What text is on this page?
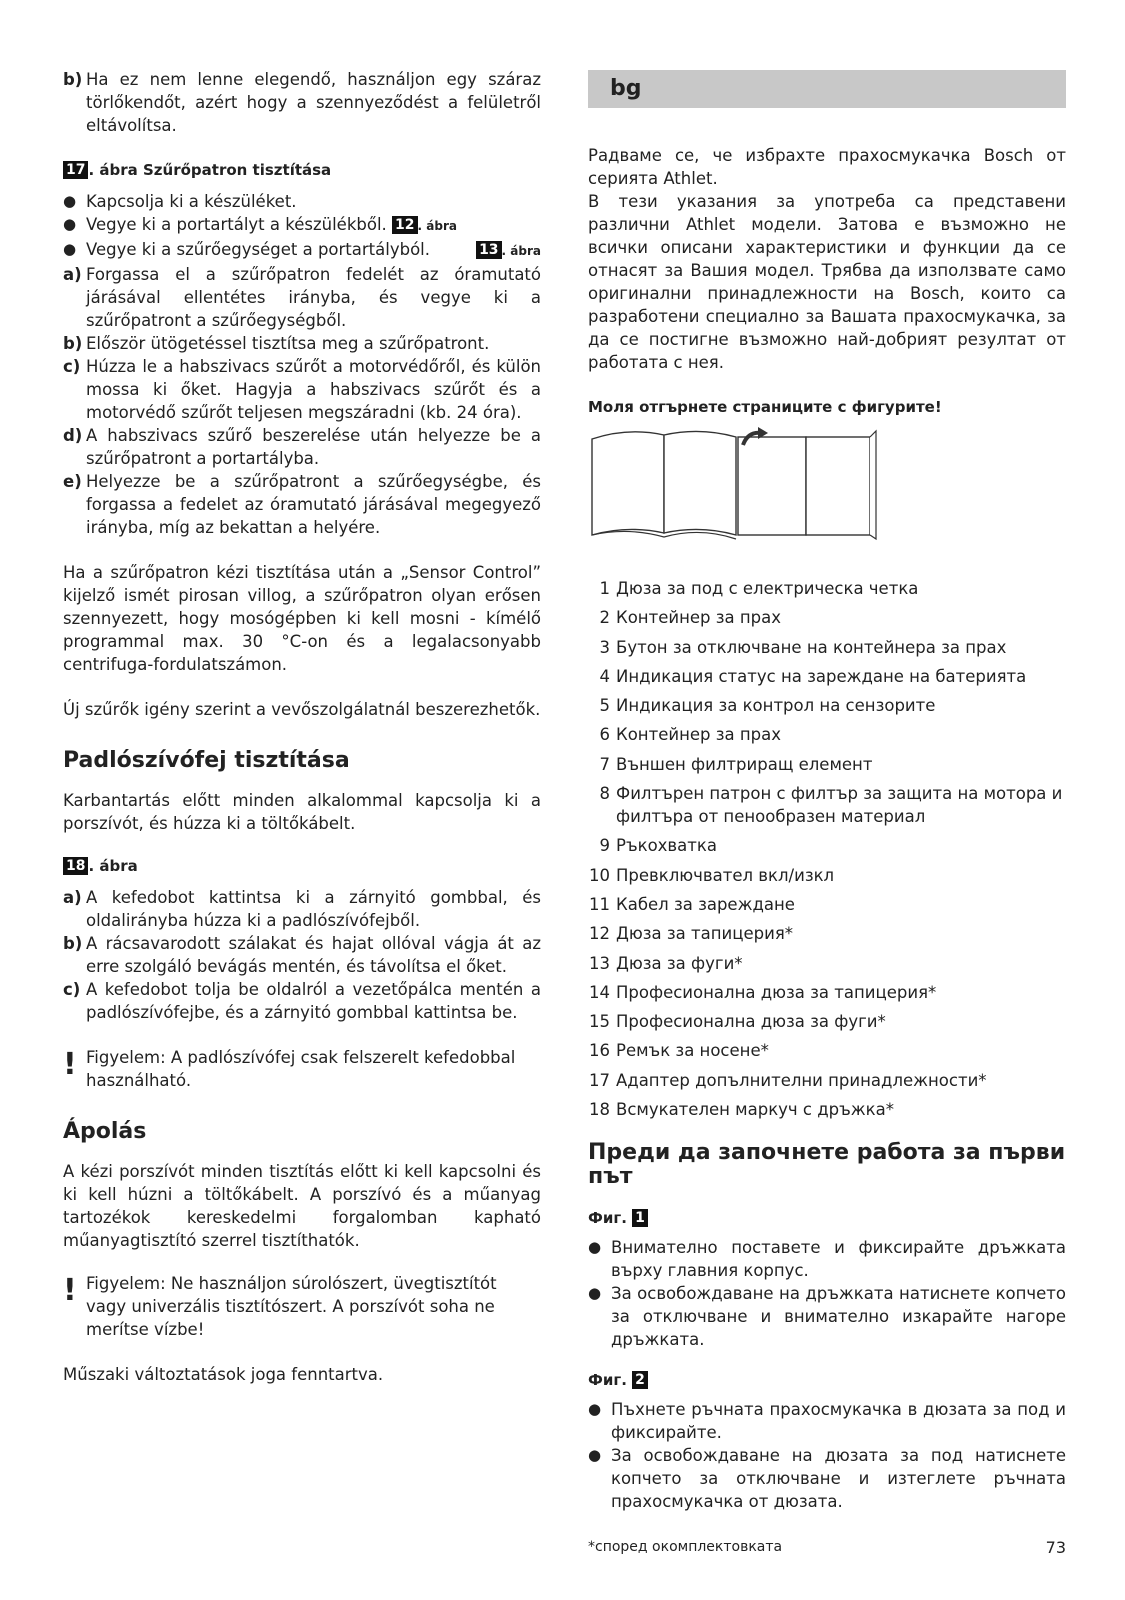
b) Ha ez nem lenne elegendő, használjon egy száraz törlőkendőt, azért hogy a szennyeződést a felületről eltávolítsa.
17 . ábra Szűrőpatron tisztítása
● Kapcsolja ki a készüléket.
● Vegye ki a portartályt a készülékből. 12 . ábra
● Vegye ki a szűrőegységet a portartályból.	13 . ábra
a) Forgassa el a szűrőpatron fedelét az óramutató járásával ellentétes irányba, és vegye ki a szűrőpatront a szűrőegységből.
b) Először ütögetéssel tisztítsa meg a szűrőpatront.
c) Húzza le a habszivacs szűrőt a motorvédőről, és külön mossa ki őket. Hagyja a habszivacs szűrőt és a motorvédő szűrőt teljesen megszáradni (kb. 24 óra).
d) A habszivacs szűrő beszerelése után helyezze be a szűrőpatront a portartályba.
e) Helyezze be a szűrőpatront a szűrőegységbe, és forgassa a fedelet az óramutató járásával megegyező irányba, míg az bekattan a helyére.

Ha a szűrőpatron kézi tisztítása után a „Sensor Control” kijelző ismét pirosan villog, a szűrőpatron olyan erősen szennyezett, hogy mosógépben ki kell mosni - kímélő programmal max. 30 °C-on és a legalacsonyabb centrifuga-fordulatszámon.

Új szűrők igény szerint a vevőszolgálatnál beszerezhetők.

Padlószívófej tisztítása

Karbantartás előtt minden alkalommal kapcsolja ki a porszívót, és húzza ki a töltőkábelt.

18 . ábra
a) A kefedobot kattintsa ki a zárnyitó gombbal, és oldalirányba húzza ki a padlószívófejből.
b) A rácsavarodott szálakat és hajat ollóval vágja át az erre szolgáló bevágás mentén, és távolítsa el őket.
c) A kefedobot tolja be oldalról a vezetőpálca mentén a padlószívófejbe, és a zárnyitó gombbal kattintsa be.
! Figyelem: A padlószívófej csak felszerelt kefedobbal használható.
Ápolás

A kézi porszívót minden tisztítás előtt ki kell kapcsolni és ki kell húzni a töltőkábelt. A porszívó és a műanyag tartozékok kereskedelmi forgalomban kapható műanyagtisztító szerrel tisztíthatók.

! Figyelem: Ne használjon súrolószert, üvegtisztítót vagy univerzális tisztítószert. A porszívót soha ne merítse vízbe!

Műszaki változtatások joga fenntartva.

bg

Радваме се, че избрахте прахосмукачка Bosch от серията Athlet.

В тези указания за употреба са представени различни Athlet модели. Затова е възможно не всички описани характеристики и функции да се отнасят за Вашия модел. Трябва да използвате само оригинални принадлежности на Bosch, които са разработени специално за Вашата прахосмукачка, за да се постигне възможно най-добрият резултат от работата с нея.

Моля отгърнете страниците с фигурите!

1 Дюза за под с електрическа четка
2 Контейнер за прах
3 Бутон за отключване на контейнера за прах
4 Индикация статус на зареждане на батерията
5 Индикация за контрол на сензорите
6 Контейнер за прах
7 Външен филтриращ елемент
8 Филтърен патрон с филтър за защита на мотора и филтъра от пенообразен материал
9 Ръкохватка
10 Превключвател вкл/изкл
11 Кабел за зареждане
12 Дюза за тапицерия*
13 Дюза за фуги*
14 Професионална дюза за тапицерия*
15 Професионална дюза за фуги*
16 Ремък за носене*
17 Адаптер допълнителни принадлежности*
18 Всмукателен маркуч с дръжка*
Преди да започнете работа за първи път
Фиг. 1
● Внимателно поставете и фиксирайте дръжката върху главния корпус.
● За освобождаване на дръжката натиснете копчето за отключване и внимателно изкарайте нагоре дръжката.
Фиг. 2
● Пъхнете ръчната прахосмукачка в дюзата за под и фиксирайте.
● За освобождаване на дюзата за под натиснете копчето за отключване и изтеглете ръчната прахосмукачка от дюзата.
*според окомплектовката	73
